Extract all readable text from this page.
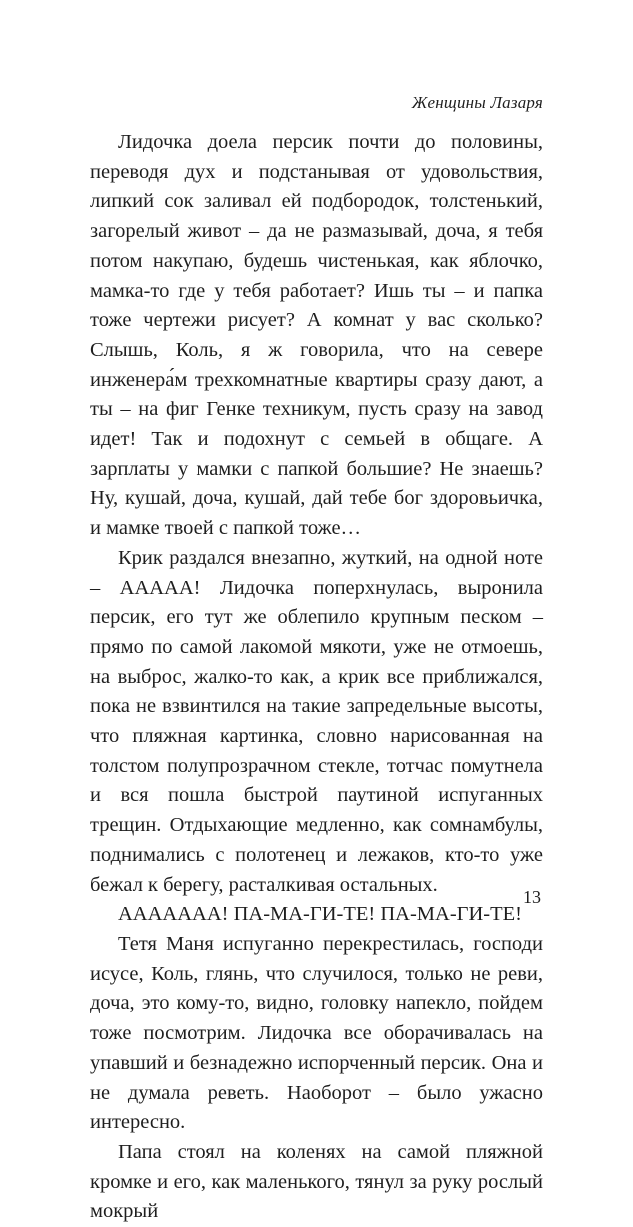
Женщины Лазаря

Лидочка доела персик почти до половины, переводя дух и подстанывая от удовольствия, липкий сок заливал ей подбородок, толстенький, загорелый живот – да не размазывай, доча, я тебя потом накупаю, будешь чистенькая, как яблочко, мамка-то где у тебя работает? Ишь ты – и папка тоже чертежи рисует? А комнат у вас сколько? Слышь, Коль, я ж говорила, что на севере инженера́м трехкомнатные квартиры сразу дают, а ты – на фиг Генке техникум, пусть сразу на завод идет! Так и подохнут с семьей в общаге. А зарплаты у мамки с папкой большие? Не знаешь? Ну, кушай, доча, кушай, дай тебе бог здоровьичка, и мамке твоей с папкой тоже…

Крик раздался внезапно, жуткий, на одной ноте – ААААА! Лидочка поперхнулась, выронила персик, его тут же облепило крупным песком – прямо по самой лакомой мякоти, уже не отмоешь, на выброс, жалко-то как, а крик все приближался, пока не взвинтился на такие запредельные высоты, что пляжная картинка, словно нарисованная на толстом полупрозрачном стекле, тотчас помутнела и вся пошла быстрой паутиной испуганных трещин. Отдыхающие медленно, как сомнамбулы, поднимались с полотенец и лежаков, кто-то уже бежал к берегу, расталкивая остальных.

ААААААА! ПА-МА-ГИ-ТЕ! ПА-МА-ГИ-ТЕ!

Тетя Маня испуганно перекрестилась, господи исусе, Коль, глянь, что случилося, только не реви, доча, это кому-то, видно, головку напекло, пойдем тоже посмотрим. Лидочка все оборачивалась на упавший и безнадежно испорченный персик. Она и не думала реветь. Наоборот – было ужасно интересно.

Папа стоял на коленях на самой пляжной кромке и его, как маленького, тянул за руку рослый мокрый

13
